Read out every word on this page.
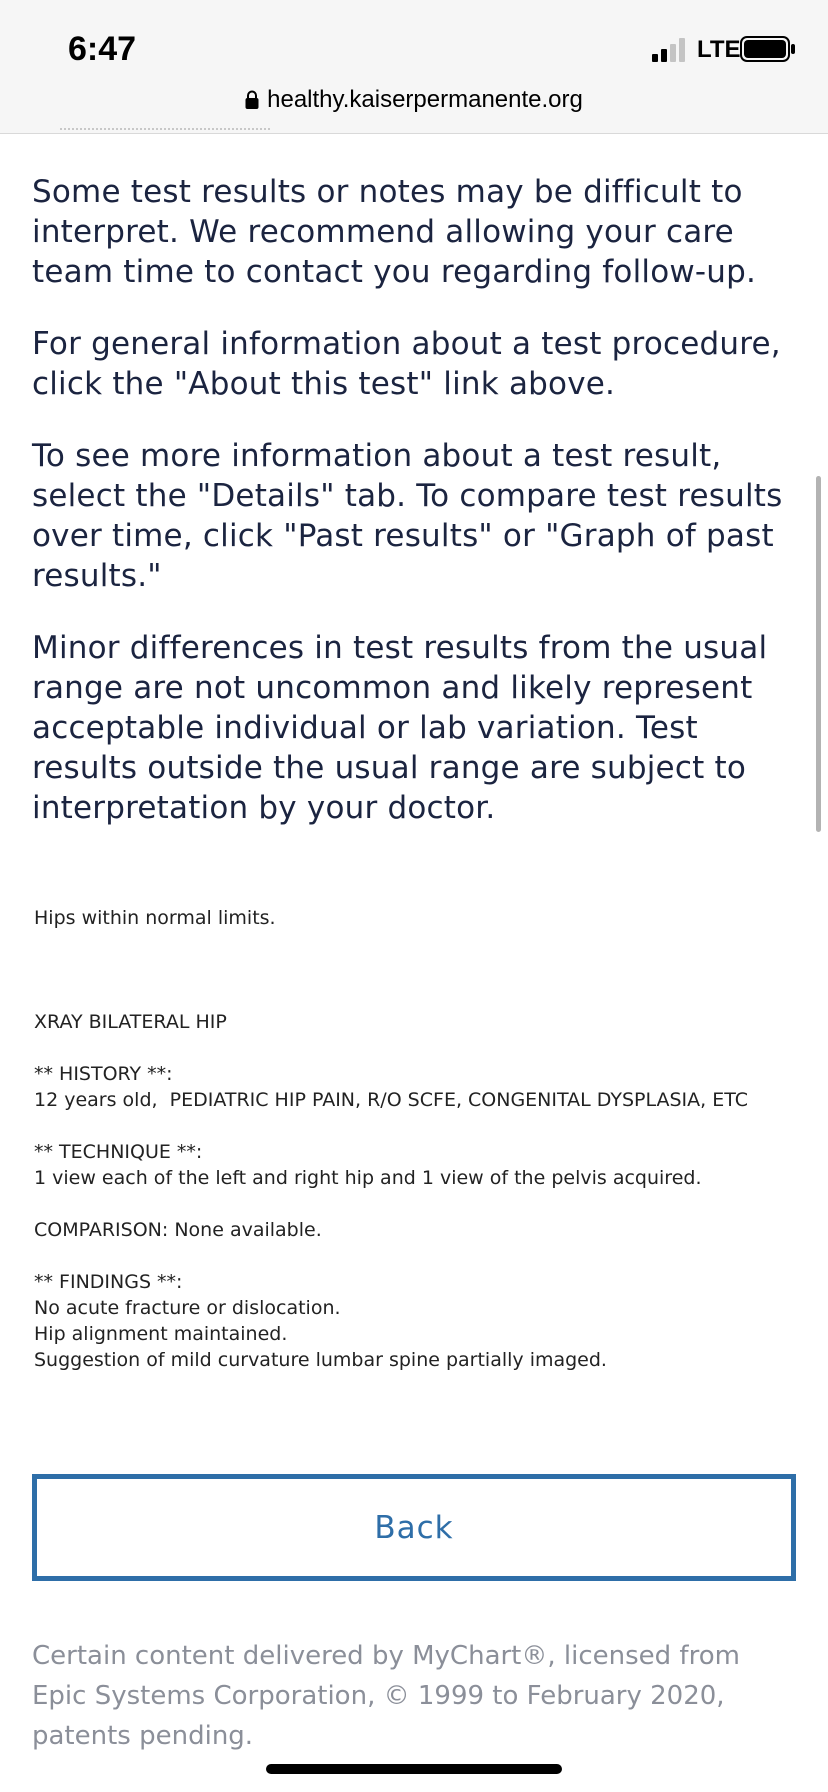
6:47	LTE
healthy.kaiserpermanente.org

Some test results or notes may be difficult to interpret. We recommend allowing your care team time to contact you regarding follow-up.

For general information about a test procedure, click the "About this test" link above.

To see more information about a test result, select the "Details" tab. To compare test results over time, click "Past results" or "Graph of past results."

Minor differences in test results from the usual range are not uncommon and likely represent acceptable individual or lab variation. Test results outside the usual range are subject to interpretation by your doctor.

Hips within normal limits.
XRAY BILATERAL HIP
** HISTORY **:
12 years old,  PEDIATRIC HIP PAIN, R/O SCFE, CONGENITAL DYSPLASIA, ETC
** TECHNIQUE **:
1 view each of the left and right hip and 1 view of the pelvis acquired.
COMPARISON: None available.
** FINDINGS **:
No acute fracture or dislocation.
Hip alignment maintained.
Suggestion of mild curvature lumbar spine partially imaged.
Back

Certain content delivered by MyChart®, licensed from Epic Systems Corporation, © 1999 to February 2020, patents pending.
